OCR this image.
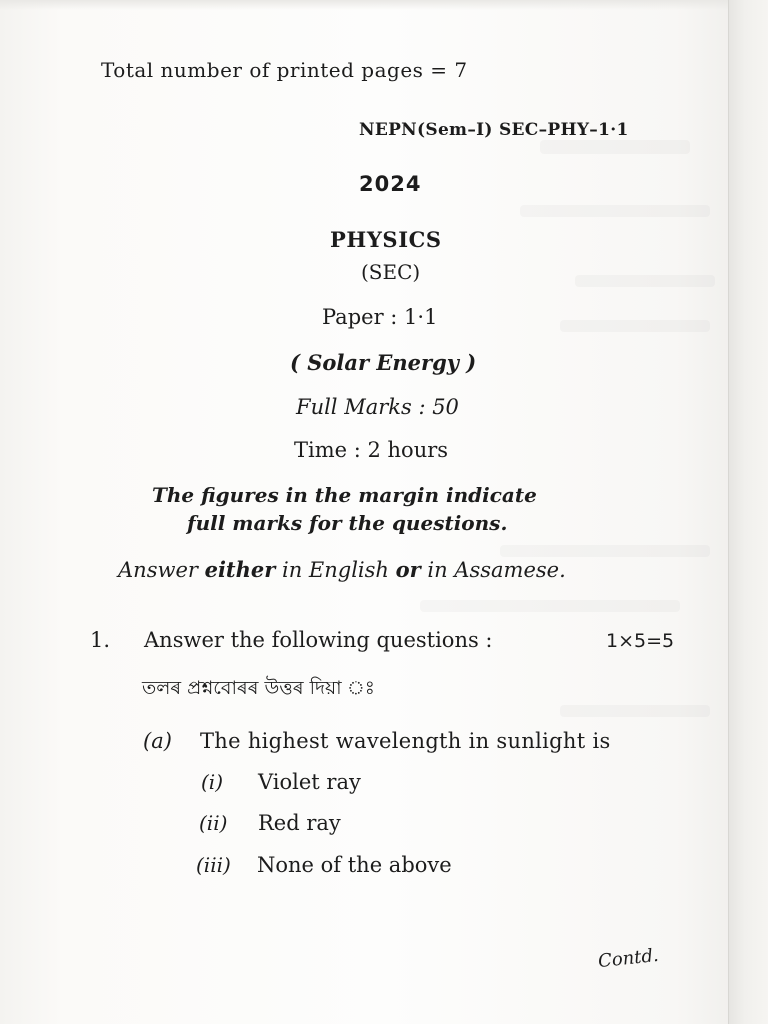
Total number of printed pages = 7
NEPN(Sem–I) SEC–PHY–1·1
2024
PHYSICS
(SEC)
Paper : 1·1
( Solar Energy )
Full Marks : 50
Time : 2 hours
The figures in the margin indicate
full marks for the questions.
Answer either in English or in Assamese.
1. Answer the following questions :	1×5=5
তলৰ প্ৰশ্নবোৰৰ উত্তৰ দিয়া ঃ
(a) The highest wavelength in sunlight is
(i) Violet ray
(ii) Red ray
(iii) None of the above
Contd.
